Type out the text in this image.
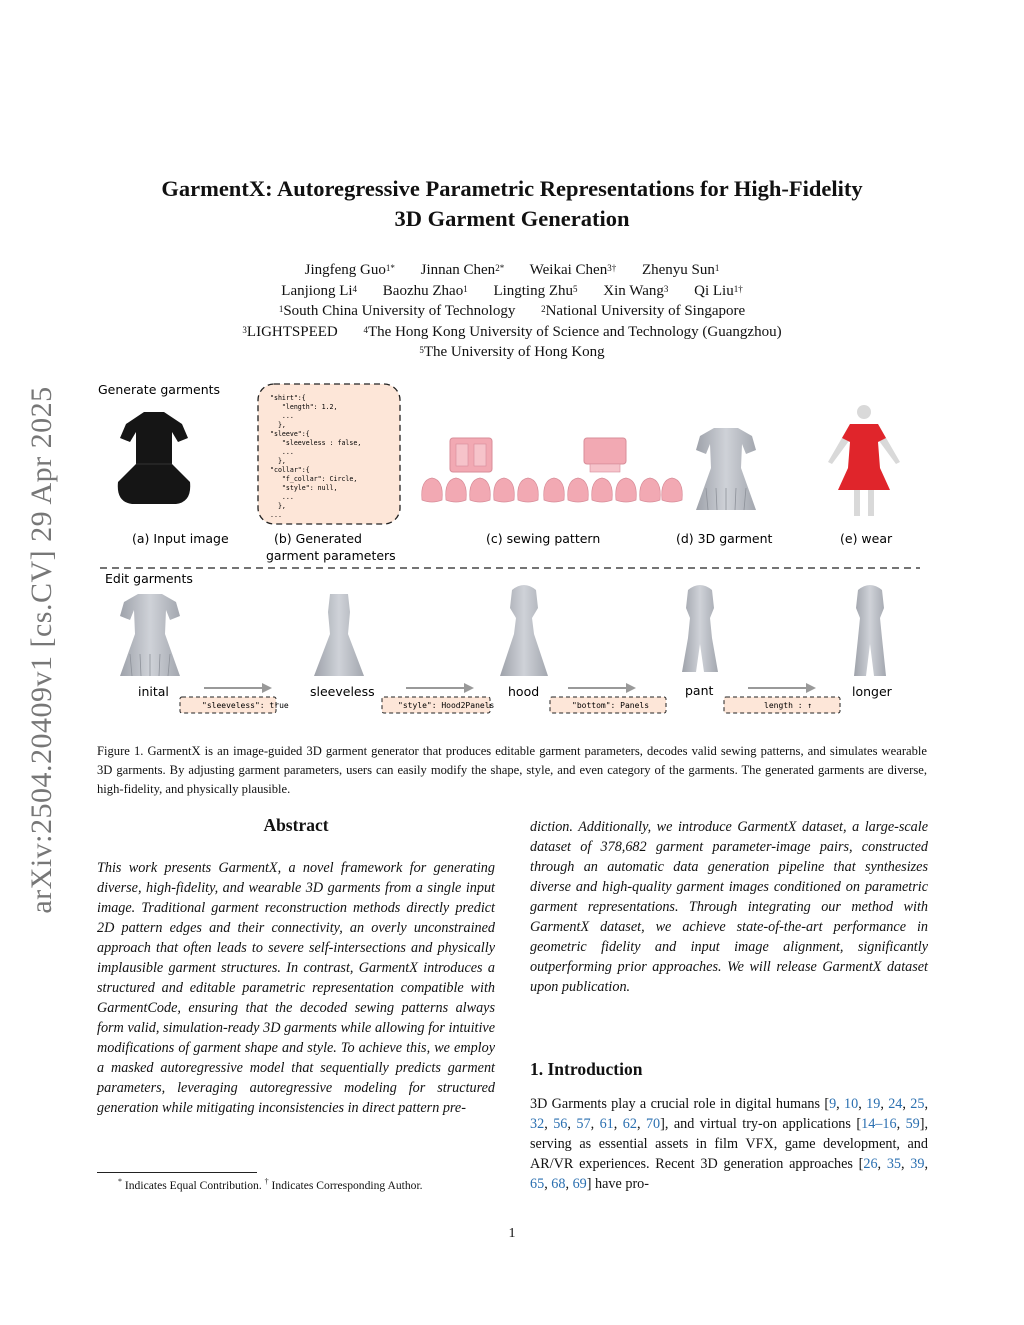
arXiv:2504.20409v1 [cs.CV] 29 Apr 2025
GarmentX: Autoregressive Parametric Representations for High-Fidelity
3D Garment Generation
Jingfeng Guo$^{1*}$ Jinnan Chen$^{2*}$ Weikai Chen$^{3\dagger}$ Zhenyu Sun$^1$
Lanjiong Li$^4$ Baozhu Zhao$^1$ Lingting Zhu$^5$ Xin Wang$^3$ Qi Liu$^{1\dagger}$
$^1$South China University of Technology	$^2$National University of Singapore
$^3$LIGHTSPEED	$^4$The Hong Kong University of Science and Technology (Guangzhou)
$^5$The University of Hong Kong
Generate garments
Edit garments
(a) Input image
"shirt":{          "length": 1.2,          ...         }, "sleeve":{          "sleeveless : false,          ...         }, "collar":{          "f_collar": Circle,          "style": null,          ...         }, ...
(b) Generated
garment parameters
(c) sewing pattern	(d) 3D garment	(e) wear
inital	sleeveless	hood	pant	longer
"sleeveless": true	"style": Hood2Panels	"bottom": Panels	length : ↑
Figure 1. GarmentX is an image-guided 3D garment generator that produces editable garment parameters, decodes valid sewing patterns, and simulates wearable 3D garments. By adjusting garment parameters, users can easily modify the shape, style, and even category of the garments. The generated garments are diverse, high-fidelity, and physically plausible.
Abstract
This work presents GarmentX, a novel framework for generating diverse, high-fidelity, and wearable 3D garments from a single input image. Traditional garment reconstruction methods directly predict 2D pattern edges and their connectivity, an overly unconstrained approach that often leads to severe self-intersections and physically implausible garment structures. In contrast, GarmentX introduces a structured and editable parametric representation compatible with GarmentCode, ensuring that the decoded sewing patterns always form valid, simulation-ready 3D garments while allowing for intuitive modifications of garment shape and style. To achieve this, we employ a masked autoregressive model that sequentially predicts garment parameters, leveraging autoregressive modeling for structured generation while mitigating inconsistencies in direct pattern pre-
diction. Additionally, we introduce GarmentX dataset, a large-scale dataset of 378,682 garment parameter-image pairs, constructed through an automatic data generation pipeline that synthesizes diverse and high-quality garment images conditioned on parametric garment representations. Through integrating our method with GarmentX dataset, we achieve state-of-the-art performance in geometric fidelity and input image alignment, significantly outperforming prior approaches. We will release GarmentX dataset upon publication.
1. Introduction
3D Garments play a crucial role in digital humans [9, 10, 19, 24, 25, 32, 56, 57, 61, 62, 70], and virtual try-on applications [14–16, 59], serving as essential assets in film VFX, game development, and AR/VR experiences. Recent 3D generation approaches [26, 35, 39, 65, 68, 69] have pro-
* Indicates Equal Contribution. † Indicates Corresponding Author.
1
